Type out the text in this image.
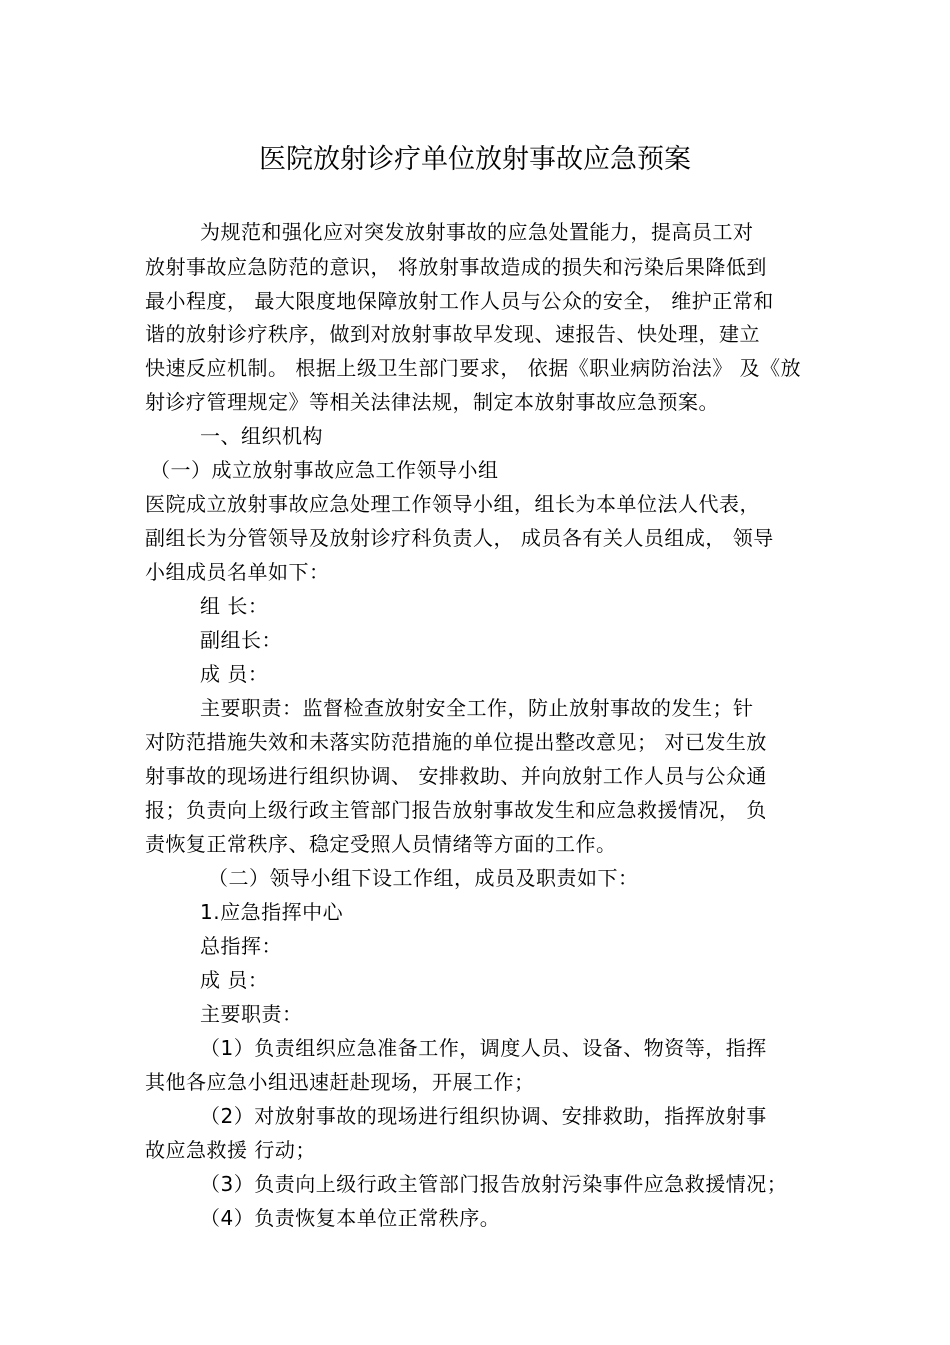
医院放射诊疗单位放射事故应急预案
为规范和强化应对突发放射事故的应急处置能力，提高员工对
放射事故应急防范的意识， 将放射事故造成的损失和污染后果降低到
最小程度， 最大限度地保障放射工作人员与公众的安全， 维护正常和
谐的放射诊疗秩序，做到对放射事故早发现、速报告、快处理，建立
快速反应机制。 根据上级卫生部门要求， 依据《职业病防治法》 及《放
射诊疗管理规定》等相关法律法规，制定本放射事故应急预案。
一、组织机构
（一）成立放射事故应急工作领导小组
医院成立放射事故应急处理工作领导小组，组长为本单位法人代表，
副组长为分管领导及放射诊疗科负责人， 成员各有关人员组成， 领导
小组成员名单如下：
组 长：
副组长：
成 员：
主要职责：监督检查放射安全工作，防止放射事故的发生；针
对防范措施失效和未落实防范措施的单位提出整改意见； 对已发生放
射事故的现场进行组织协调、 安排救助、并向放射工作人员与公众通
报；负责向上级行政主管部门报告放射事故发生和应急救援情况， 负
责恢复正常秩序、稳定受照人员情绪等方面的工作。
（二）领导小组下设工作组，成员及职责如下：
1.应急指挥中心
总指挥：
成 员：
主要职责：
（1）负责组织应急准备工作，调度人员、设备、物资等，指挥
其他各应急小组迅速赶赴现场，开展工作；
（2）对放射事故的现场进行组织协调、安排救助，指挥放射事
故应急救援 行动；
（3）负责向上级行政主管部门报告放射污染事件应急救援情况；
（4）负责恢复本单位正常秩序。
